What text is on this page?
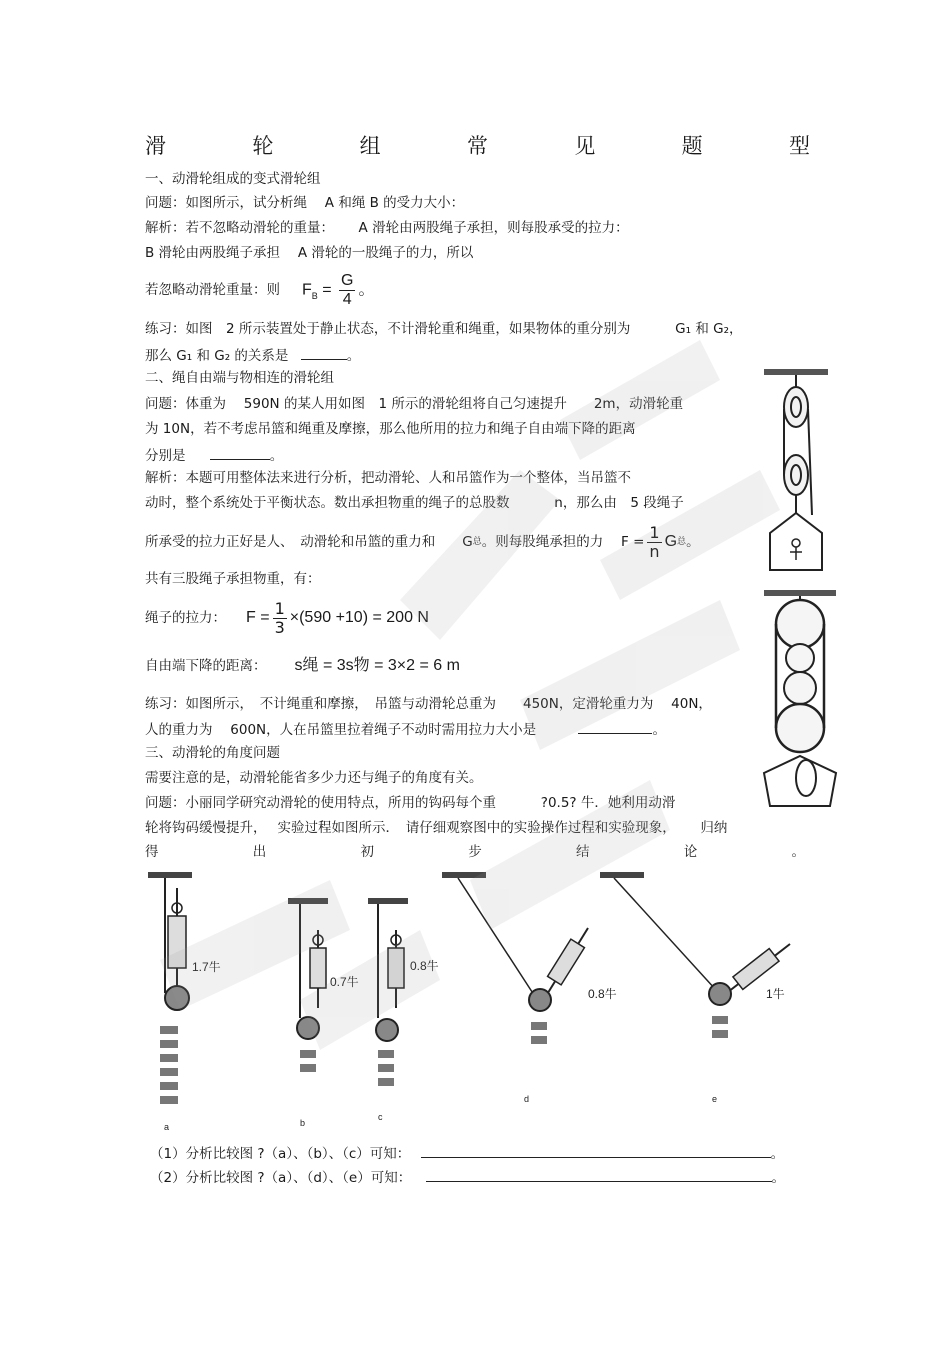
滑	轮	组	常	见	题	型
一、动滑轮组成的变式滑轮组
问题：如图所示，试分析绳　 A 和绳 B 的受力大小：
解析：若不忽略动滑轮的重量：　　 A 滑轮由两股绳子承担，则每股承受的拉力：
B 滑轮由两股绳子承担　 A 滑轮的一股绳子的力，所以
若忽略动滑轮重量：则 $F_B = \frac{G}{4}$ 。
练习：如图　2 所示装置处于静止状态，不计滑轮重和绳重，如果物体的重分别为　　　 G₁ 和 G₂，
那么 G₁ 和 G₂ 的关系是	。
二、绳自由端与物相连的滑轮组
问题：体重为　 590N 的某人用如图　1 所示的滑轮组将自己匀速提升　　2m，动滑轮重
为 10N，若不考虑吊篮和绳重及摩擦，那么他所用的拉力和绳子自由端下降的距离
分别是	。
解析：本题可用整体法来进行分析，把动滑轮、人和吊篮作为一个整体，当吊篮不
动时，整个系统处于平衡状态。数出承担物重的绳子的总股数　　　 n，那么由　5 段绳子
所承受的拉力正好是人、　动滑轮和吊篮的重力和　　G 总 。则每股绳承担的力　 $F = \frac{1}{n}$ G 总 。
共有三股绳子承担物重，有：
绳子的拉力： $F = \frac{1}{3} \times(590 +10) = 200$ N
自由端下降的距离： s绳 = 3s物 = 3×2 = 6 m
练习：如图所示，　不计绳重和摩擦，　吊篮与动滑轮总重为　　450N，定滑轮重力为　 40N，
人的重力为　 600N，人在吊篮里拉着绳子不动时需用拉力大小是	。
三、动滑轮的角度问题
需要注意的是，动滑轮能省多少力还与绳子的角度有关。
问题：小丽同学研究动滑轮的使用特点，所用的钩码每个重　　　 ?0.5? 牛．她利用动滑
轮将钩码缓慢提升，　 实验过程如图所示．　请仔细观察图中的实验操作过程和实验现象，　　 归纳
得	出	初	步	结	论	。
1.7牛
a
0.7牛
b
0.8牛
c
0.8牛
d
1牛
e
（1）分析比较图 ?（a）、（b）、（c）可知：	。
（2）分析比较图 ?（a）、（d）、（e）可知：	。
